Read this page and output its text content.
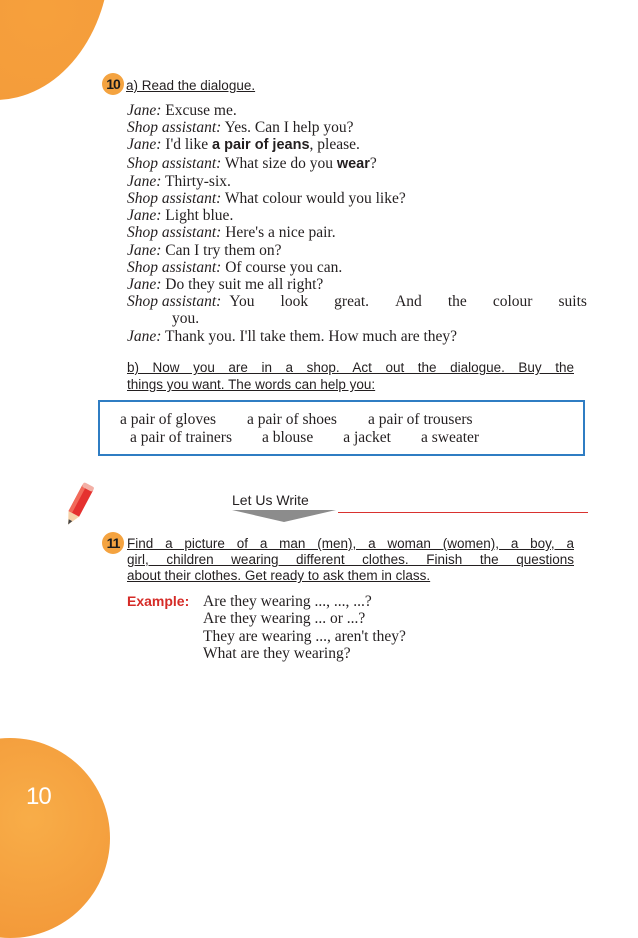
10
10 a) Read the dialogue.
Jane: Excuse me.
Shop assistant: Yes. Can I help you?
Jane: I'd like a pair of jeans, please.
Shop assistant: What size do you wear?
Jane: Thirty-six.
Shop assistant: What colour would you like?
Jane: Light blue.
Shop assistant: Here's a nice pair.
Jane: Can I try them on?
Shop assistant: Of course you can.
Jane: Do they suit me all right?
Shop assistant: You look great. And the colour suits
you.
Jane: Thank you. I'll take them. How much are they?
b) Now you are in a shop. Act out the dialogue. Buy the
things you want. The words can help you:
a pair of gloves a pair of shoes a pair of trousers
a pair of trainers a blouse a jacket a sweater
Let Us Write
11 Find a picture of a man (men), a woman (women), a boy, a
girl, children wearing different clothes. Finish the questions
about their clothes. Get ready to ask them in class.
Example: Are they wearing ..., ..., ...?
Are they wearing ... or ...?
They are wearing ..., aren't they?
What are they wearing?
